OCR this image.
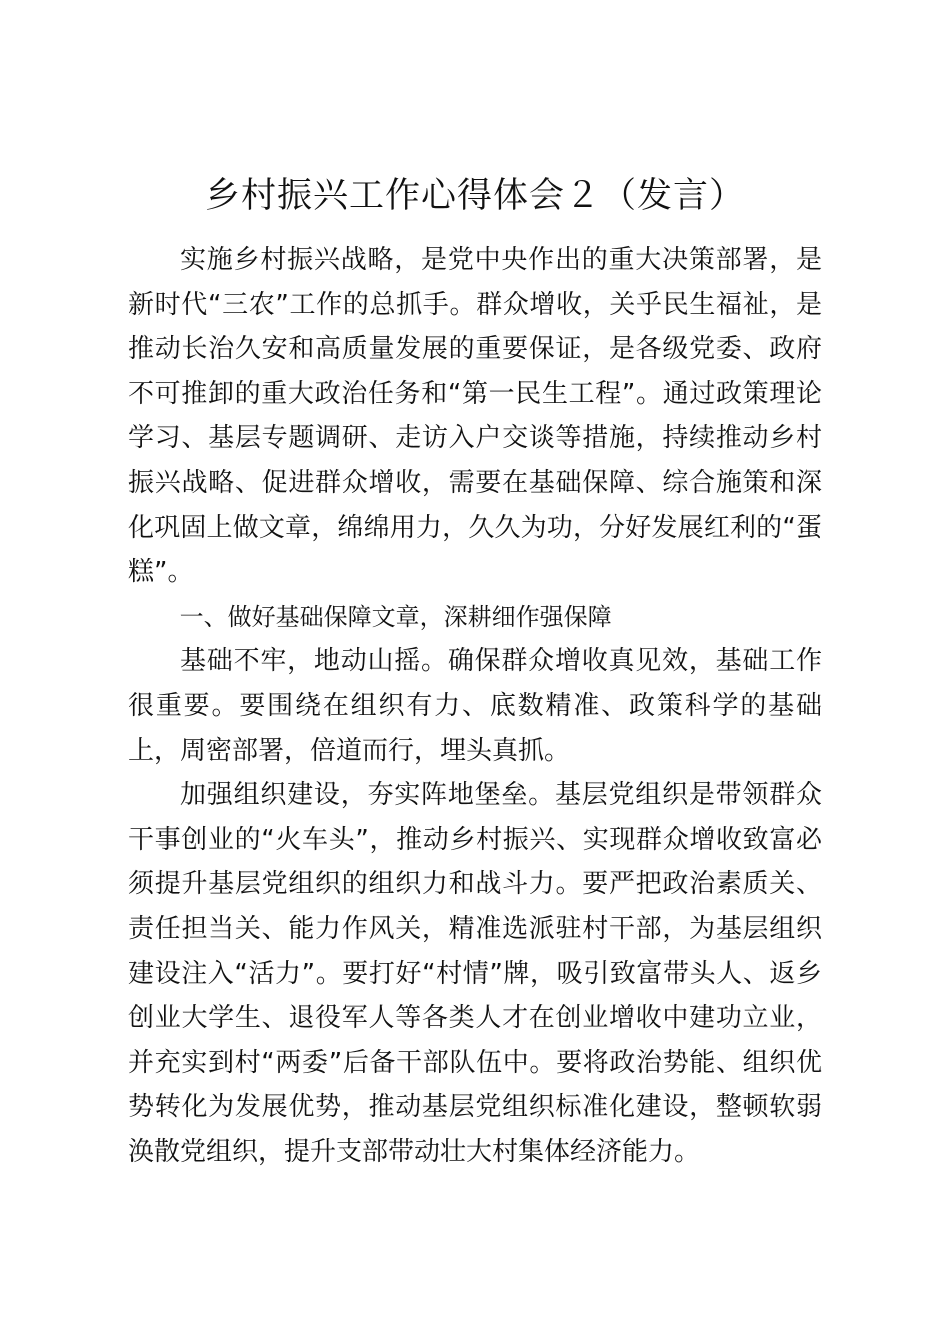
乡村振兴工作心得体会２（发言）

实施乡村振兴战略，是党中央作出的重大决策部署，是新时代“三农”工作的总抓手。群众增收，关乎民生福祉，是推动长治久安和高质量发展的重要保证，是各级党委、政府不可推卸的重大政治任务和“第一民生工程”。通过政策理论学习、基层专题调研、走访入户交谈等措施，持续推动乡村振兴战略、促进群众增收，需要在基础保障、综合施策和深化巩固上做文章，绵绵用力，久久为功，分好发展红利的“蛋糕”。

一、做好基础保障文章，深耕细作强保障

基础不牢，地动山摇。确保群众增收真见效，基础工作很重要。要围绕在组织有力、底数精准、政策科学的基础上，周密部署，倍道而行，埋头真抓。

加强组织建设，夯实阵地堡垒。基层党组织是带领群众干事创业的“火车头”，推动乡村振兴、实现群众增收致富必须提升基层党组织的组织力和战斗力。要严把政治素质关、责任担当关、能力作风关，精准选派驻村干部，为基层组织建设注入“活力”。要打好“村情”牌，吸引致富带头人、返乡创业大学生、退役军人等各类人才在创业增收中建功立业，并充实到村“两委”后备干部队伍中。要将政治势能、组织优势转化为发展优势，推动基层党组织标准化建设，整顿软弱涣散党组织，提升支部带动壮大村集体经济能力。
